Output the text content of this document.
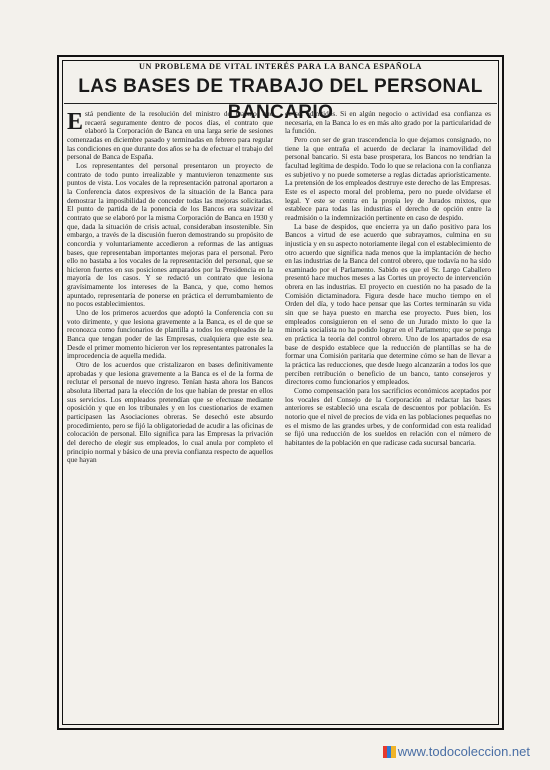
UN PROBLEMA DE VITAL INTERÉS PARA LA BANCA ESPAÑOLA
LAS BASES DE TRABAJO DEL PERSONAL BANCARIO

Está pendiente de la resolución del ministro de Trabajo, que recaerá seguramente dentro de pocos días, el contrato que elaboró la Corporación de Banca en una larga serie de sesiones comenzadas en diciembre pasado y terminadas en febrero para regular las condiciones en que durante dos años se ha de efectuar el trabajo del personal de Banca de España.

Los representantes del personal presentaron un proyecto de contrato de todo punto irrealizable y mantuvieron tenazmente sus puntos de vista. Los vocales de la representación patronal aportaron a la Conferencia datos expresivos de la situación de la Banca para demostrar la imposibilidad de conceder todas las mejoras solicitadas. El punto de partida de la ponencia de los Bancos era suavizar el contrato que se elaboró por la misma Corporación de Banca en 1930 y que, dada la situación de crisis actual, consideraban insostenible. Sin embargo, a través de la discusión fueron demostrando su propósito de concordia y voluntariamente accedieron a reformas de las antiguas bases, que representaban importantes mejoras para el personal. Pero ello no bastaba a los vocales de la representación del personal, que se hicieron fuertes en sus posiciones amparados por la Presidencia en la mayoría de los casos. Y se redactó un contrato que lesiona gravísimamente los intereses de la Banca, y que, como hemos apuntado, representaría de ponerse en práctica el derrumbamiento de no pocos establecimientos.

Uno de los primeros acuerdos que adoptó la Conferencia con su voto dirimente, y que lesiona gravemente a la Banca, es el de que se reconozca como funcionarios de plantilla a todos los empleados de la Banca que tengan poder de las Empresas, cualquiera que este sea. Desde el primer momento hicieron ver los representantes patronales la improcedencia de aquella medida.

Otro de los acuerdos que cristalizaron en bases definitivamente aprobadas y que lesiona gravemente a la Banca es el de la forma de reclutar el personal de nuevo ingreso. Tenían hasta ahora los Bancos absoluta libertad para la elección de los que habían de prestar en ellos sus servicios. Los empleados pretendían que se efectuase mediante oposición y que en los tribunales y en los cuestionarios de examen participasen las Asociaciones obreras. Se desechó este absurdo procedimiento, pero se fijó la obligatoriedad de acudir a las oficinas de colocación de personal. Ello significa para las Empresas la privación del derecho de elegir sus empleados, lo cual anula por completo el principio normal y básico de una previa confianza respecto de aquellos que hayan

de ser admitidos. Si en algún negocio o actividad esa confianza es necesaria, en la Banca lo es en más alto grado por la particularidad de la función.

Pero con ser de gran trascendencia lo que dejamos consignado, no tiene la que entraña el acuerdo de declarar la inamovilidad del personal bancario. Si esta base prosperara, los Bancos no tendrían la facultad legítima de despido. Todo lo que se relaciona con la confianza es subjetivo y no puede someterse a reglas dictadas apriorísticamente. La pretensión de los empleados destruye este derecho de las Empresas. Este es el aspecto moral del problema, pero no puede olvidarse el legal. Y este se centra en la propia ley de Jurados mixtos, que establece para todas las industrias el derecho de opción entre la readmisión o la indemnización pertinente en caso de despido.

La base de despidos, que encierra ya un daño positivo para los Bancos a virtud de ese acuerdo que subrayamos, culmina en su injusticia y en su aspecto notoriamente ilegal con el establecimiento de otro acuerdo que significa nada menos que la implantación de hecho en las industrias de la Banca del control obrero, que todavía no ha sido examinado por el Parlamento. Sabido es que el Sr. Largo Caballero presentó hace muchos meses a las Cortes un proyecto de intervención obrera en las industrias. El proyecto en cuestión no ha pasado de la Comisión dictaminadora. Figura desde hace mucho tiempo en el Orden del día, y todo hace pensar que las Cortes terminarán su vida sin que se haya puesto en marcha ese proyecto. Pues bien, los empleados consiguieron en el seno de un Jurado mixto lo que la minoría socialista no ha podido lograr en el Parlamento; que se ponga en práctica la teoría del control obrero. Uno de los apartados de esa base de despido establece que la reducción de plantillas se ha de formar una Comisión paritaria que determine cómo se han de llevar a la práctica las reducciones, que desde luego alcanzarán a todos los que perciben retribución o beneficio de un banco, tanto consejeros y directores como funcionarios y empleados.

Como compensación para los sacrificios económicos aceptados por los vocales del Consejo de la Corporación al redactar las bases anteriores se estableció una escala de descuentos por población. Es notorio que el nivel de precios de vida en las poblaciones pequeñas no es el mismo de las grandes urbes, y de conformidad con esta realidad se fijó una reducción de los sueldos en relación con el número de habitantes de la población en que radicase cada sucursal bancaria.

www.todocoleccion.net
